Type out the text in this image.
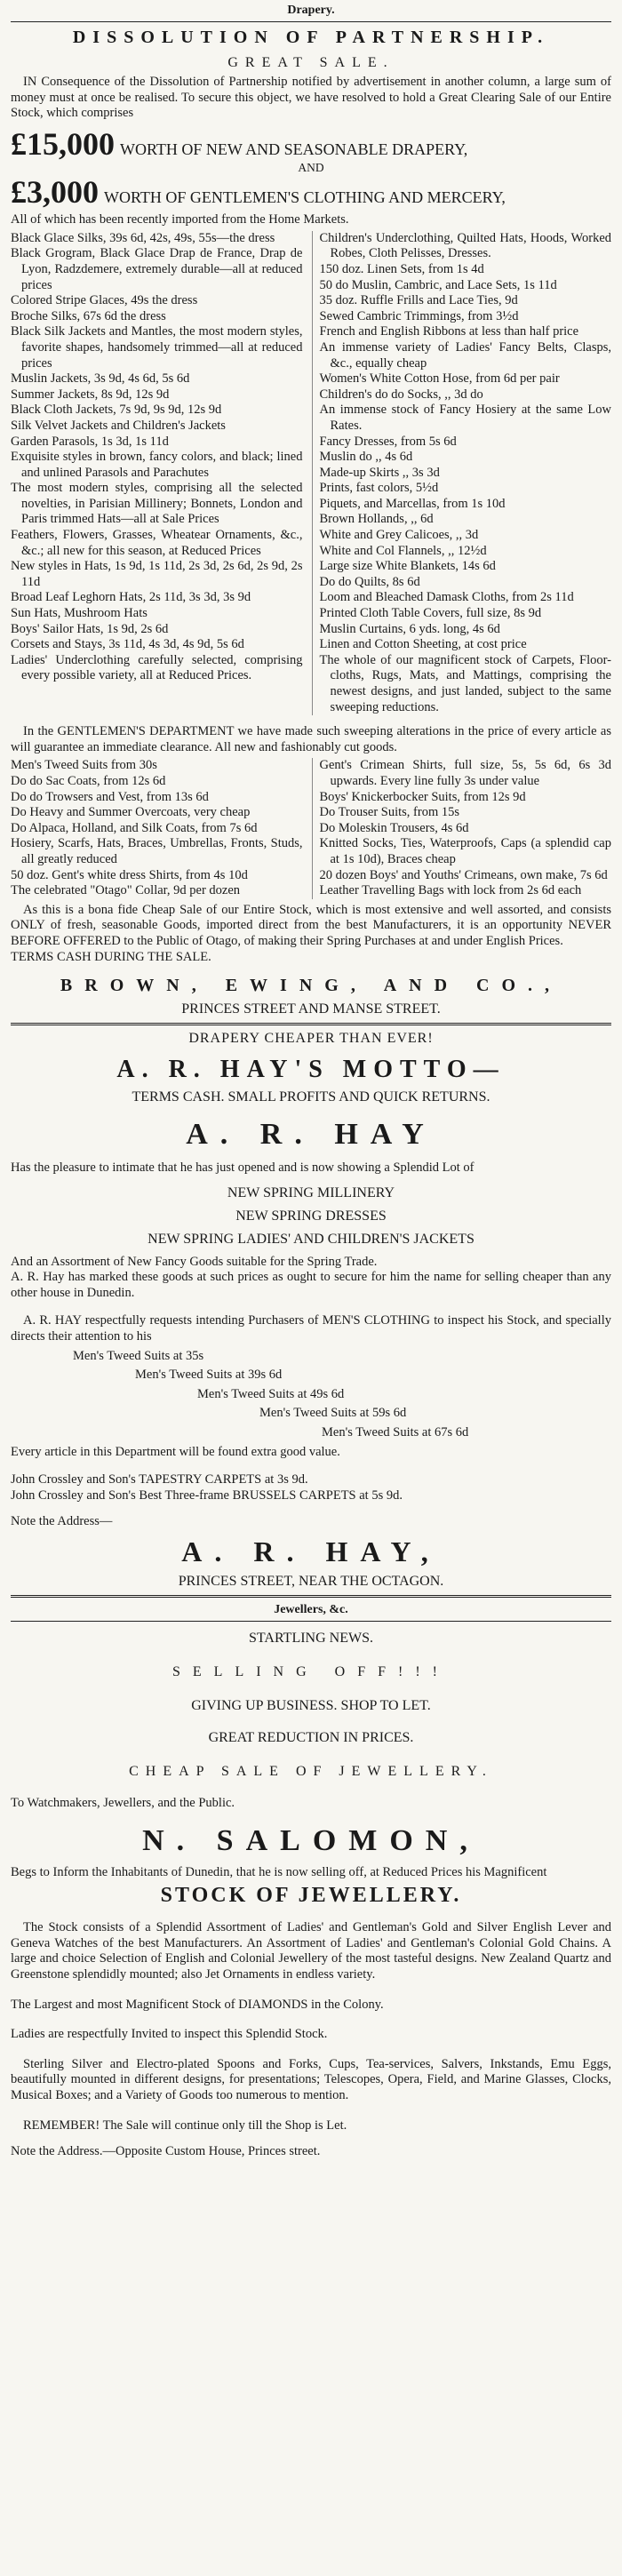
Drapery.
DISSOLUTION OF PARTNERSHIP.
GREAT SALE.

IN Consequence of the Dissolution of Partnership notified by advertisement in another column, a large sum of money must at once be realised. To secure this object, we have resolved to hold a Great Clearing Sale of our Entire Stock, which comprises

£15,000 WORTH OF NEW AND SEASONABLE DRAPERY,
AND
£3,000 WORTH OF GENTLEMEN'S CLOTHING AND MERCERY,

All of which has been recently imported from the Home Markets.

Black Glace Silks, 39s 6d, 42s, 49s, 55s—the dress
Black Grogram, Black Glace Drap de France, Drap de Lyon, Radzdemere, extremely durable—all at reduced prices
Colored Stripe Glaces, 49s the dress
Broche Silks, 67s 6d the dress
Black Silk Jackets and Mantles, the most modern styles, favorite shapes, handsomely trimmed—all at reduced prices
Muslin Jackets, 3s 9d, 4s 6d, 5s 6d
Summer Jackets, 8s 9d, 12s 9d
Black Cloth Jackets, 7s 9d, 9s 9d, 12s 9d
Silk Velvet Jackets and Children's Jackets
Garden Parasols, 1s 3d, 1s 11d
Exquisite styles in brown, fancy colors, and black; lined and unlined Parasols and Parachutes
The most modern styles, comprising all the selected novelties, in Parisian Millinery; Bonnets, London and Paris trimmed Hats—all at Sale Prices
Feathers, Flowers, Grasses, Wheatear Ornaments, &c., &c.; all new for this season, at Reduced Prices
New styles in Hats, 1s 9d, 1s 11d, 2s 3d, 2s 6d, 2s 9d, 2s 11d
Broad Leaf Leghorn Hats, 2s 11d, 3s 3d, 3s 9d
Sun Hats, Mushroom Hats
Boys' Sailor Hats, 1s 9d, 2s 6d
Corsets and Stays, 3s 11d, 4s 3d, 4s 9d, 5s 6d
Ladies' Underclothing carefully selected, comprising every possible variety, all at Reduced Prices.
Children's Underclothing, Quilted Hats, Hoods, Worked Robes, Cloth Pelisses, Dresses.
150 doz. Linen Sets, from 1s 4d
50 do Muslin, Cambric, and Lace Sets, 1s 11d
35 doz. Ruffle Frills and Lace Ties, 9d
Sewed Cambric Trimmings, from 3½d
French and English Ribbons at less than half price
An immense variety of Ladies' Fancy Belts, Clasps, &c., equally cheap
Women's White Cotton Hose, from 6d per pair
Children's do do Socks, ,, 3d do
An immense stock of Fancy Hosiery at the same Low Rates.
Fancy Dresses, from 5s 6d
Muslin do ,, 4s 6d
Made-up Skirts ,, 3s 3d
Prints, fast colors, 5½d
Piquets, and Marcellas, from 1s 10d
Brown Hollands, ,, 6d
White and Grey Calicoes, ,, 3d
White and Col Flannels, ,, 12½d
Large size White Blankets, 14s 6d
Do do Quilts, 8s 6d
Loom and Bleached Damask Cloths, from 2s 11d
Printed Cloth Table Covers, full size, 8s 9d
Muslin Curtains, 6 yds. long, 4s 6d
Linen and Cotton Sheeting, at cost price
The whole of our magnificent stock of Carpets, Floor-cloths, Rugs, Mats, and Mattings, comprising the newest designs, and just landed, subject to the same sweeping reductions.

In the GENTLEMEN'S DEPARTMENT we have made such sweeping alterations in the price of every article as will guarantee an immediate clearance. All new and fashionably cut goods.

Men's Tweed Suits from 30s
Do do Sac Coats, from 12s 6d
Do do Trowsers and Vest, from 13s 6d
Do Heavy and Summer Overcoats, very cheap
Do Alpaca, Holland, and Silk Coats, from 7s 6d
Hosiery, Scarfs, Hats, Braces, Umbrellas, Fronts, Studs, all greatly reduced
50 doz. Gent's white dress Shirts, from 4s 10d
The celebrated "Otago" Collar, 9d per dozen
Gent's Crimean Shirts, full size, 5s, 5s 6d, 6s 3d upwards. Every line fully 3s under value
Boys' Knickerbocker Suits, from 12s 9d
Do Trouser Suits, from 15s
Do Moleskin Trousers, 4s 6d
Knitted Socks, Ties, Waterproofs, Caps (a splendid cap at 1s 10d), Braces cheap
20 dozen Boys' and Youths' Crimeans, own make, 7s 6d
Leather Travelling Bags with lock from 2s 6d each

As this is a bona fide Cheap Sale of our Entire Stock, which is most extensive and well assorted, and consists ONLY of fresh, seasonable Goods, imported direct from the best Manufacturers, it is an opportunity NEVER BEFORE OFFERED to the Public of Otago, of making their Spring Purchases at and under English Prices.

TERMS CASH DURING THE SALE.
BROWN, EWING, AND CO.,
PRINCES STREET AND MANSE STREET.
DRAPERY CHEAPER THAN EVER!
A. R. HAY'S MOTTO—
TERMS CASH. SMALL PROFITS AND QUICK RETURNS.
A. R. HAY

Has the pleasure to intimate that he has just opened and is now showing a Splendid Lot of

NEW SPRING MILLINERY
NEW SPRING DRESSES
NEW SPRING LADIES' AND CHILDREN'S JACKETS

And an Assortment of New Fancy Goods suitable for the Spring Trade.

A. R. Hay has marked these goods at such prices as ought to secure for him the name for selling cheaper than any other house in Dunedin.

A. R. HAY respectfully requests intending Purchasers of MEN'S CLOTHING to inspect his Stock, and specially directs their attention to his

Men's Tweed Suits at 35s
Men's Tweed Suits at 39s 6d
Men's Tweed Suits at 49s 6d
Men's Tweed Suits at 59s 6d
Men's Tweed Suits at 67s 6d

Every article in this Department will be found extra good value.

John Crossley and Son's TAPESTRY CARPETS at 3s 9d.

John Crossley and Son's Best Three-frame BRUSSELS CARPETS at 5s 9d.

Note the Address—
A. R. HAY,
PRINCES STREET, NEAR THE OCTAGON.
Jewellers, &c.
STARTLING NEWS.
SELLING OFF!!!
GIVING UP BUSINESS. SHOP TO LET.
GREAT REDUCTION IN PRICES.
CHEAP SALE OF JEWELLERY.
To Watchmakers, Jewellers, and the Public.
N. SALOMON,

Begs to Inform the Inhabitants of Dunedin, that he is now selling off, at Reduced Prices his Magnificent

STOCK OF JEWELLERY.

The Stock consists of a Splendid Assortment of Ladies' and Gentleman's Gold and Silver English Lever and Geneva Watches of the best Manufacturers. An Assortment of Ladies' and Gentleman's Colonial Gold Chains. A large and choice Selection of English and Colonial Jewellery of the most tasteful designs. New Zealand Quartz and Greenstone splendidly mounted; also Jet Ornaments in endless variety.

The Largest and most Magnificent Stock of DIAMONDS in the Colony.

Ladies are respectfully Invited to inspect this Splendid Stock.

Sterling Silver and Electro-plated Spoons and Forks, Cups, Tea-services, Salvers, Inkstands, Emu Eggs, beautifully mounted in different designs, for presentations; Telescopes, Opera, Field, and Marine Glasses, Clocks, Musical Boxes; and a Variety of Goods too numerous to mention.

REMEMBER! The Sale will continue only till the Shop is Let.

Note the Address.—Opposite Custom House, Princes street.
